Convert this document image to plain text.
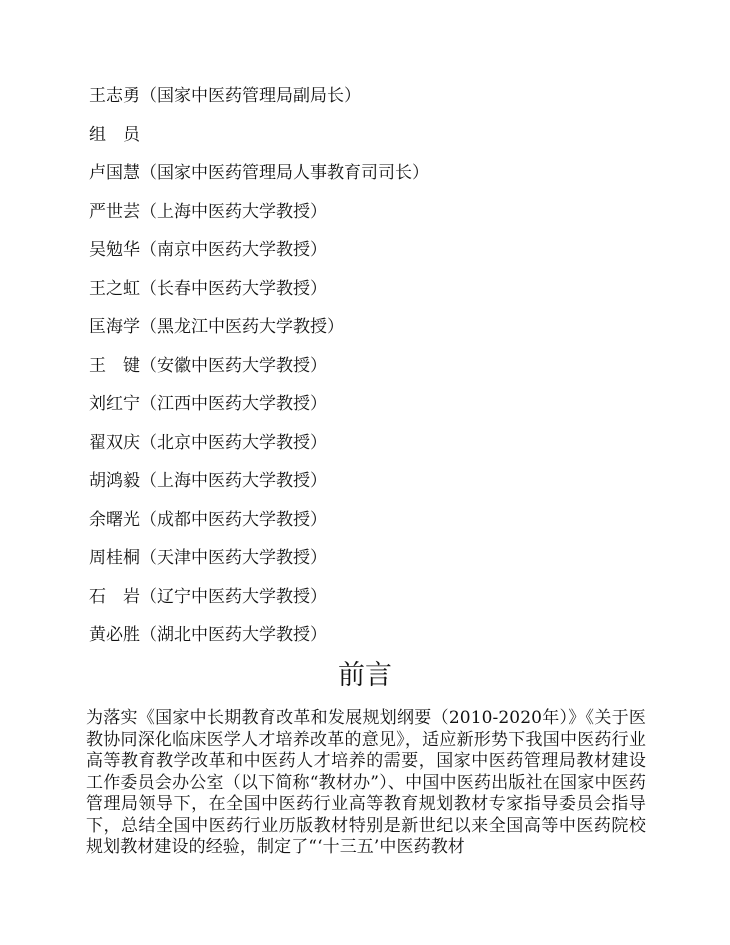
王志勇（国家中医药管理局副局长）
组　员
卢国慧（国家中医药管理局人事教育司司长）
严世芸（上海中医药大学教授）
吴勉华（南京中医药大学教授）
王之虹（长春中医药大学教授）
匡海学（黑龙江中医药大学教授）
王　键（安徽中医药大学教授）
刘红宁（江西中医药大学教授）
翟双庆（北京中医药大学教授）
胡鸿毅（上海中医药大学教授）
余曙光（成都中医药大学教授）
周桂桐（天津中医药大学教授）
石　岩（辽宁中医药大学教授）
黄必胜（湖北中医药大学教授）
前言

为落实《国家中长期教育改革和发展规划纲要（2010-2020年）》《关于医教协同深化临床医学人才培养改革的意见》，适应新形势下我国中医药行业高等教育教学改革和中医药人才培养的需要，国家中医药管理局教材建设工作委员会办公室（以下简称“教材办”）、中国中医药出版社在国家中医药管理局领导下，在全国中医药行业高等教育规划教材专家指导委员会指导下，总结全国中医药行业历版教材特别是新世纪以来全国高等中医药院校规划教材建设的经验，制定了“‘十三五’中医药教材
